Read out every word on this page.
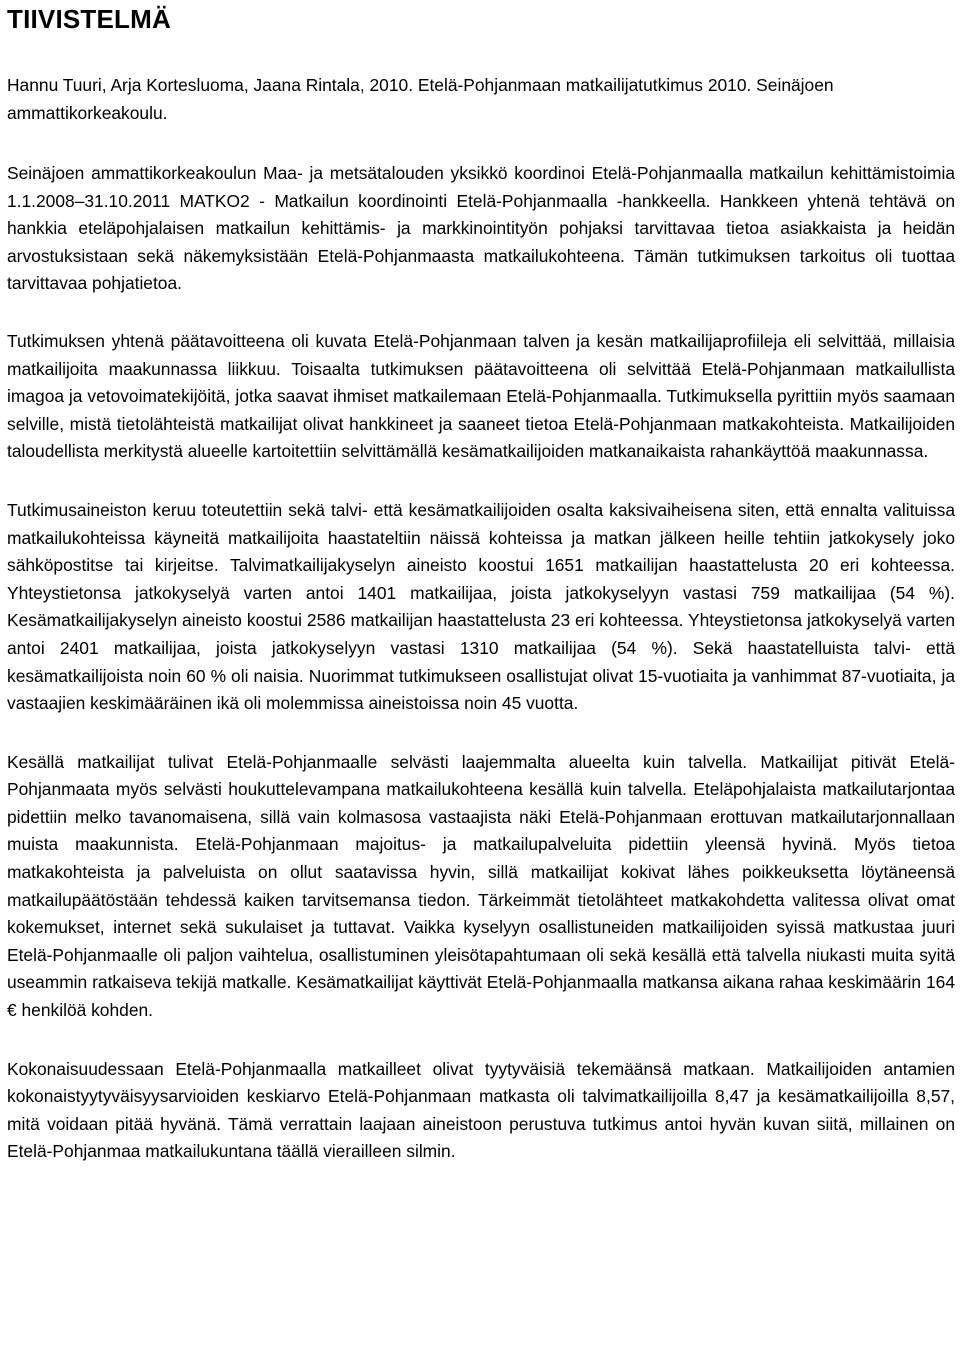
TIIVISTELMÄ

Hannu Tuuri, Arja Kortesluoma, Jaana Rintala, 2010. Etelä-Pohjanmaan matkailijatutkimus 2010. Seinäjoen ammattikorkeakoulu.

Seinäjoen ammattikorkeakoulun Maa- ja metsätalouden yksikkö koordinoi Etelä-Pohjanmaalla matkailun kehittämistoimia 1.1.2008–31.10.2011 MATKO2 - Matkailun koordinointi Etelä-Pohjanmaalla -hankkeella. Hankkeen yhtenä tehtävä on hankkia eteläpohjalaisen matkailun kehittämis- ja markkinointityön pohjaksi tarvittavaa tietoa asiakkaista ja heidän arvostuksistaan sekä näkemyksistään Etelä-Pohjanmaasta matkailukohteena. Tämän tutkimuksen tarkoitus oli tuottaa tarvittavaa pohjatietoa.

Tutkimuksen yhtenä päätavoitteena oli kuvata Etelä-Pohjanmaan talven ja kesän matkailijaprofiileja eli selvittää, millaisia matkailijoita maakunnassa liikkuu. Toisaalta tutkimuksen päätavoitteena oli selvittää Etelä-Pohjanmaan matkailullista imagoa ja vetovoimatekijöitä, jotka saavat ihmiset matkailemaan Etelä-Pohjanmaalla. Tutkimuksella pyrittiin myös saamaan selville, mistä tietolähteistä matkailijat olivat hankkineet ja saaneet tietoa Etelä-Pohjanmaan matkakohteista. Matkailijoiden taloudellista merkitystä alueelle kartoitettiin selvittämällä kesämatkailijoiden matkanaikaista rahankäyttöä maakunnassa.

Tutkimusaineiston keruu toteutettiin sekä talvi- että kesämatkailijoiden osalta kaksivaiheisena siten, että ennalta valituissa matkailukohteissa käyneitä matkailijoita haastateltiin näissä kohteissa ja matkan jälkeen heille tehtiin jatkokysely joko sähköpostitse tai kirjeitse. Talvimatkailijakyselyn aineisto koostui 1651 matkailijan haastattelusta 20 eri kohteessa. Yhteystietonsa jatkokyselyä varten antoi 1401 matkailijaa, joista jatkokyselyyn vastasi 759 matkailijaa (54 %). Kesämatkailijakyselyn aineisto koostui 2586 matkailijan haastattelusta 23 eri kohteessa. Yhteystietonsa jatkokyselyä varten antoi 2401 matkailijaa, joista jatkokyselyyn vastasi 1310 matkailijaa (54 %). Sekä haastatelluista talvi- että kesämatkailijoista noin 60 % oli naisia. Nuorimmat tutkimukseen osallistujat olivat 15-vuotiaita ja vanhimmat 87-vuotiaita, ja vastaajien keskimääräinen ikä oli molemmissa aineistoissa noin 45 vuotta.

Kesällä matkailijat tulivat Etelä-Pohjanmaalle selvästi laajemmalta alueelta kuin talvella. Matkailijat pitivät Etelä-Pohjanmaata myös selvästi houkuttelevampana matkailukohteena kesällä kuin talvella. Eteläpohjalaista matkailutarjontaa pidettiin melko tavanomaisena, sillä vain kolmasosa vastaajista näki Etelä-Pohjanmaan erottuvan matkailutarjonnallaan muista maakunnista. Etelä-Pohjanmaan majoitus- ja matkailupalveluita pidettiin yleensä hyvinä. Myös tietoa matkakohteista ja palveluista on ollut saatavissa hyvin, sillä matkailijat kokivat lähes poikkeuksetta löytäneensä matkailupäätöstään tehdessä kaiken tarvitsemansa tiedon. Tärkeimmät tietolähteet matkakohdetta valitessa olivat omat kokemukset, internet sekä sukulaiset ja tuttavat. Vaikka kyselyyn osallistuneiden matkailijoiden syissä matkustaa juuri Etelä-Pohjanmaalle oli paljon vaihtelua, osallistuminen yleisötapahtumaan oli sekä kesällä että talvella niukasti muita syitä useammin ratkaiseva tekijä matkalle. Kesämatkailijat käyttivät Etelä-Pohjanmaalla matkansa aikana rahaa keskimäärin 164 € henkilöä kohden.

Kokonaisuudessaan Etelä-Pohjanmaalla matkailleet olivat tyytyväisiä tekemäänsä matkaan. Matkailijoiden antamien kokonaistyytyväisyysarvioiden keskiarvo Etelä-Pohjanmaan matkasta oli talvimatkailijoilla 8,47 ja kesämatkailijoilla 8,57, mitä voidaan pitää hyvänä. Tämä verrattain laajaan aineistoon perustuva tutkimus antoi hyvän kuvan siitä, millainen on Etelä-Pohjanmaa matkailukuntana täällä vierailleen silmin.
